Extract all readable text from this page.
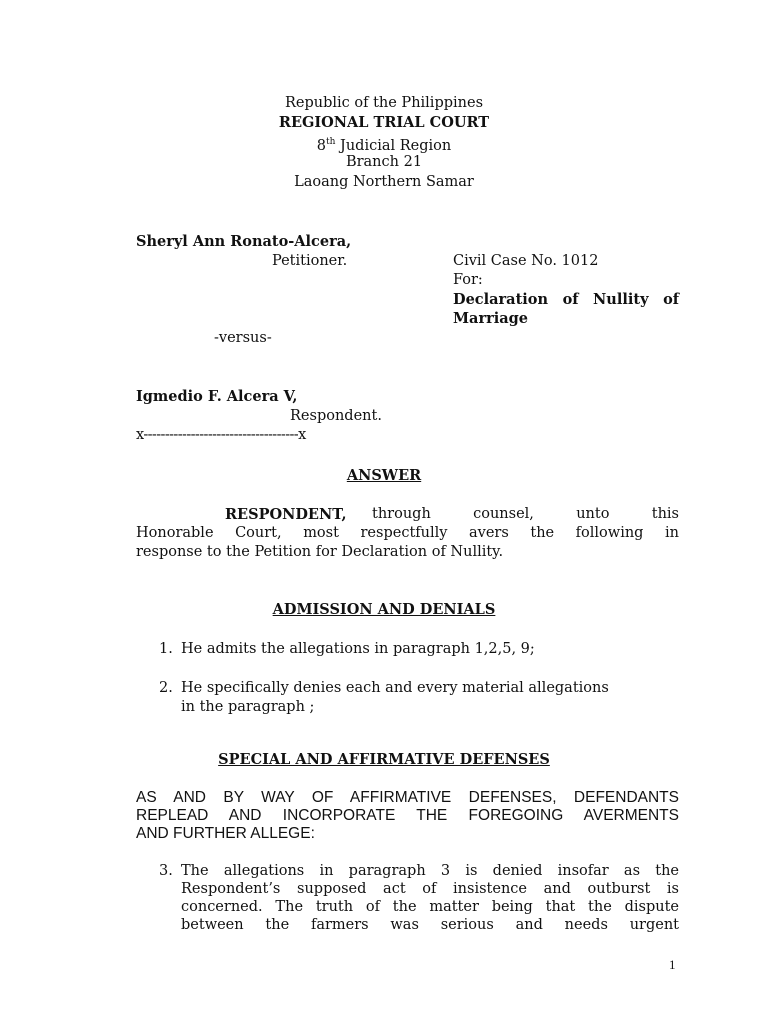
Republic of the Philippines
REGIONAL TRIAL COURT
8th Judicial Region
Branch 21
Laoang Northern Samar
Sheryl Ann Ronato-Alcera,
Petitioner.	Civil Case No. 1012
For:
Declaration of Nullity of
Marriage
-versus-
Igmedio F. Alcera V,
Respondent.
x------------------------------------x
ANSWER
RESPONDENT, through counsel, unto this
Honorable Court, most respectfully avers the following in
response to the Petition for Declaration of Nullity.
ADMISSION AND DENIALS
1. He admits the allegations in paragraph 1,2,5, 9;
2. He specifically denies each and every material allegations
in the paragraph ;
SPECIAL AND AFFIRMATIVE DEFENSES
AS AND BY WAY OF AFFIRMATIVE DEFENSES, DEFENDANTS
REPLEAD AND INCORPORATE THE FOREGOING AVERMENTS
AND FURTHER ALLEGE:
3. The allegations in paragraph 3 is denied insofar as the
Respondent’s supposed act of insistence and outburst is
concerned. The truth of the matter being that the dispute
between the farmers was serious and needs urgent
1
